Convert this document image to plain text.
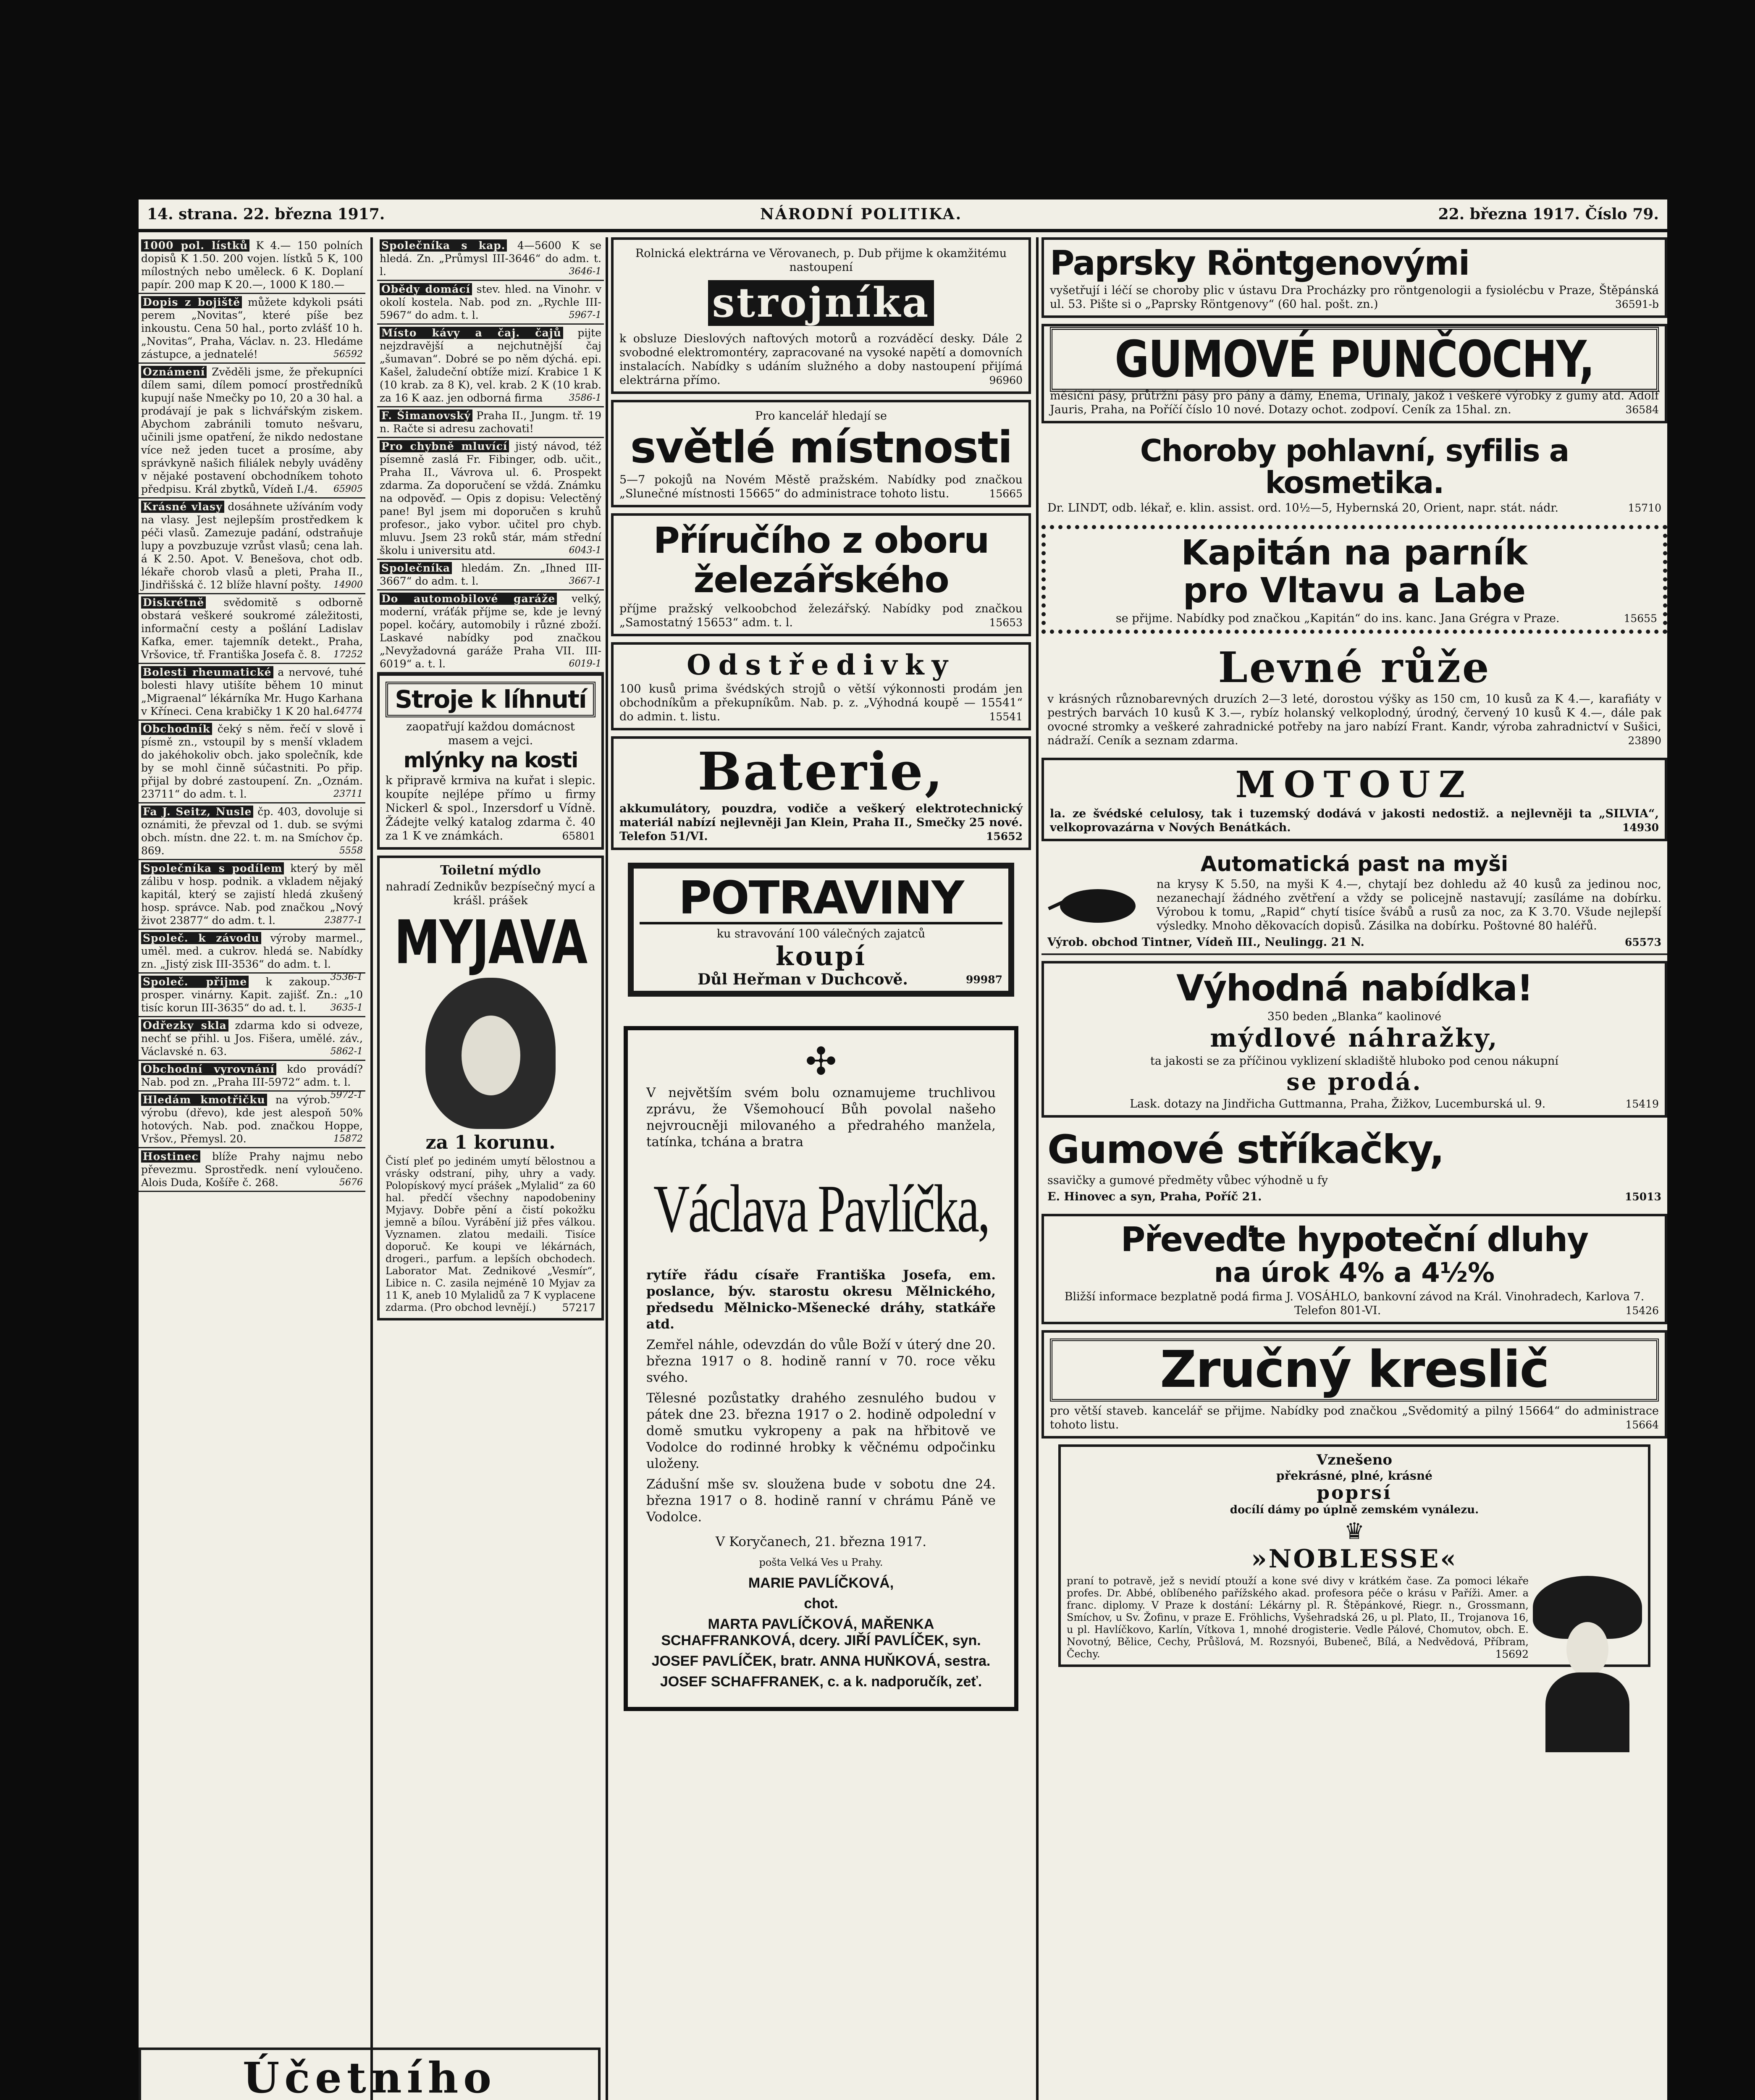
14. strana. 22. března 1917.	NÁRODNÍ POLITIKA.	22. března 1917. Číslo 79.

1000 pol. lístků K 4.— 150 polních dopisů K 1.50. 200 vojen. lístků 5 K, 100 mílostných nebo uměleck. 6 K. Doplaní papír. 200 map K 20.—, 1000 K 180.—

Dopis z bojiště můžete kdykoli psáti perem „Novitas“, které píše bez inkoustu. Cena 50 hal., porto zvlášť 10 h. „Novitas“, Praha, Václav. n. 23. Hledáme zástupce, a jednatelé!	56592

Oznámení Zvěděli jsme, že překupníci dílem sami, dílem pomocí prostředníků kupují naše Nmečky po 10, 20 a 30 hal. a prodávají je pak s lichvářským ziskem. Abychom zabránili tomuto nešvaru, učinili jsme opatření, že nikdo nedostane více než jeden tucet a prosíme, aby správkyně našich filiálek nebyly uváděny v nějaké postavení obchodníkem tohoto předpisu. Král zbytků, Vídeň I./4. 65905

Krásné vlasy dosáhnete užíváním vody na vlasy. Jest nejlepším prostředkem k péči vlasů. Zamezuje padání, odstraňuje lupy a povzbuzuje vzrůst vlasů; cena lah. á K 2.50. Apot. V. Benešova, chot odb. lékaře chorob vlasů a pleti, Praha II., Jindřišská č. 12 blíže hlavní pošty. 14900

Diskrétně svědomitě s odborně obstará veškeré soukromé záležitosti, informační cesty a pošlání Ladislav Kafka, emer. tajemník detekt., Praha, Vršovice, tř. Františka Josefa č. 8. 17252

Bolesti rheumatické a nervové, tuhé bolesti hlavy utišíte během 10 minut „Migraenal“ lékárníka Mr. Hugo Karhana v Kříneci. Cena krabičky 1 K 20 hal. 64774

Obchodník čeký s něm. řečí v slově i písmě zn., vstoupil by s menší vkladem do jakéhokoliv obch. jako společník, kde by se mohl činně súčastniti. Po přip. přijal by dobré zastoupení. Zn. „Oznám. 23711“ do adm. t. l.	23711

Fa J. Seitz, Nusle čp. 403, dovoluje si oznámiti, že převzal od 1. dub. se svými obch. místn. dne 22. t. m. na Smíchov čp. 869.	5558

Společníka s podílem který by měl zálibu v hosp. podnik. a vkladem nějaký kapitál, který se zajistí hledá zkušený hosp. správce. Nab. pod značkou „Nový život 23877“ do adm. t. l.	23877-1

Společ. k závodu výroby marmel., uměl. med. a cukrov. hledá se. Nabídky zn. „Jistý zisk III-3536“ do adm. t. l.
3536-1

Společ. přijme k zakoup. prosper. vinárny. Kapit. zajišť. Zn.: „10 tisíc korun III-3635“ do ad. t. l.	3635-1

Odřezky skla zdarma kdo si odveze, nechť se přihl. u Jos. Fišera, umělé. záv., Václavské n. 63.	5862-1

Obchodní vyrovnání kdo provádí? Nab. pod zn. „Praha III-5972“ adm. t. l.
5972-1

Hledám kmotřičku na výrob. výrobu (dřevo), kde jest alespoň 50% hotových. Nab. pod. značkou Hoppe, Vršov., Přemysl. 20.	15872

Hostinec blíže Prahy najmu nebo převezmu. Sprostředk. není vyloučeno. Alois Duda, Košíře č. 268.	5676

Společníka s kap. 4—5600 K se hledá. Zn. „Průmysl III-3646“ do adm. t. l.	3646-1

Obědy domácí stev. hled. na Vinohr. v okolí kostela. Nab. pod zn. „Rychle III-5967“ do adm. t. l.	5967-1

Místo kávy a čaj. čajů pijte nejzdravější a nejchutnější čaj „šumavan“. Dobré se po něm dýchá. epi. Kašel, žaludeční obtíže mizí. Krabice 1 K (10 krab. za 8 K), vel. krab. 2 K (10 krab. za 16 K aaz. jen odborná firma	3586-1

F. Šimanovský Praha II., Jungm. tř. 19 n. Račte si adresu zachovati!

Pro chybně mluvící jistý návod, též písemně zaslá Fr. Fibinger, odb. učit., Praha II., Vávrova ul. 6. Prospekt zdarma. Za doporučení se vždá. Známku na odpověď. — Opis z dopisu: Velectěný pane! Byl jsem mi doporučen s kruhů profesor., jako vybor. učitel pro chyb. mluvu. Jsem 23 roků stár, mám střední školu i universitu atd.	6043-1

Společníka hledám. Zn. „Ihned III-3667“ do adm. t. l.	3667-1

Do automobilové garáže velký, moderní, vráťák příjme se, kde je levný popel. kočáry, automobily i různé zboží. Laskavé nabídky pod značkou „Nevyžadovná garáže Praha VII. III-6019“ a. t. l.	6019-1

Stroje k líhnutí

zaopatřují každou domácnost masem a vejci.

mlýnky na kosti

k připravě krmiva na kuřat i slepic. koupíte nejlépe přímo u firmy Nickerl & spol., Inzersdorf u Vídně. Žádejte velký katalog zdarma č. 40 za 1 K ve známkách.	65801

Toiletní mýdlo

nahradí Zednikův bezpísečný mycí a krášl. prášek

MYJAVA
za 1 korunu.

Čistí pleť po jediném umytí bělostnou a vrásky odstraní, pihy, uhry a vady. Polopískový mycí prášek „Mylalid“ za 60 hal. předčí všechny napodobeniny Myjavy. Dobře pění a čistí pokožku jemně a bílou. Vyrábění již přes válkou. Vyznamen. zlatou medaili. Tisíce doporuč. Ke koupi ve lékárnách, drogeri., parfum. a lepších obchodech. Laborator Mat. Zednikové „Vesmír“, Libice n. C. zasila nejméně 10 Myjav za 11 K, aneb 10 Mylalidů za 7 K vyplacene zdarma. (Pro obchod levnějí.) 57217

Rolnická elektrárna ve Věrovanech, p. Dub přijme k okamžitému nastoupení

strojníka

k obsluze Dieslových naftových motorů a rozváděcí desky. Dále 2 svobodné elektromontéry, zapracované na vysoké napětí a domovních instalacích. Nabídky s udáním služného a doby nastoupení přijímá elektrárna přímo.	96960

Pro kancelář hledají se

světlé místnosti

5—7 pokojů na Novém Městě pražském. Nabídky pod značkou „Slunečné místnosti 15665“ do administrace tohoto listu.	15665

Příručího z oboru
železářského

příjme pražský velkoobchod železářský. Nabídky pod značkou „Samostatný 15653“ adm. t. l.	15653

Odstředivky

100 kusů prima švédských strojů o větší výkonnosti prodám jen obchodníkům a překupníkům. Nab. p. z. „Výhodná koupě — 15541“ do admin. t. listu.	15541

Baterie,

akkumulátory, pouzdra, vodiče a veškerý elektrotechnický materiál nabízí nejlevněji Jan Klein, Praha II., Smečky 25 nové. Telefon 51/VI.	15652

POTRAVINY

ku stravování 100 válečných zajatců

koupí

Důl Heřman v Duchcově.	99987

✣

V největším svém bolu oznamujeme truchlivou zprávu, že Všemohoucí Bůh povolal našeho nejvroucněji milovaného a předrahého manžela, tatínka, tchána a bratra

Václava Pavlíčka,

rytíře řádu císaře Františka Josefa, em. poslance, býv. starostu okresu Mělnického, předsedu Mělnicko-Mšenecké dráhy, statkáře atd.

Zemřel náhle, odevzdán do vůle Boží v úterý dne 20. března 1917 o 8. hodině ranní v 70. roce věku svého.

Tělesné pozůstatky drahého zesnulého budou v pátek dne 23. března 1917 o 2. hodině odpolední v domě smutku vykropeny a pak na hřbitově ve Vodolce do rodinné hrobky k věčnému odpočinku uloženy.

Zádušní mše sv. sloužena bude v sobotu dne 24. března 1917 o 8. hodině ranní v chrámu Páně ve Vodolce.

V Koryčanech, 21. března 1917.

pošta Velká Ves u Prahy.

MARIE PAVLÍČKOVÁ,
chot.
MARTA PAVLÍČKOVÁ, MAŘENKA SCHAFFRANKOVÁ, dcery. JIŘÍ PAVLÍČEK, syn.
JOSEF PAVLÍČEK, bratr. ANNA HUŇKOVÁ, sestra.
JOSEF SCHAFFRANEK, c. a k. nadporučík, zeť.
Účetního

Paprsky Röntgenovými

vyšetřují i léčí se choroby plic v ústavu Dra Procházky pro röntgenologii a fysiolécbu v Praze, Štěpánská ul. 53. Pište si o „Paprsky Röntgenovy“ (60 hal. pošt. zn.)	36591-b

GUMOVÉ PUNČOCHY,

měsíční pásy, průtržní pásy pro pány a dámy, Enema, Urinaly, jakož i veškeré výrobky z gumy atd. Adolf Jauris, Praha, na Poříčí číslo 10 nové. Dotazy ochot. zodpoví. Ceník za 15hal. zn.	36584

Choroby pohlavní, syfilis a kosmetika.

Dr. LINDT, odb. lékař, e. klin. assist. ord. 10½—5, Hybernská 20, Orient, napr. stát. nádr.	15710

Kapitán na parník
pro Vltavu a Labe

se přijme. Nabídky pod značkou „Kapitán“ do ins. kanc. Jana Grégra v Praze.	15655

Levné růže

v krásných různobarevných druzích 2—3 leté, dorostou výšky as 150 cm, 10 kusů za K 4.—, karafiáty v pestrých barvách 10 kusů K 3.—, rybíz holanský velkoplodný, úrodný, červený 10 kusů K 4.—, dále pak ovocné stromky a veškeré zahradnické potřeby na jaro nabízí Frant. Kandr, výroba zahradnictví v Sušici, nádraží. Ceník a seznam zdarma.	23890

MOTOUZ

la. ze švédské celulosy, tak i tuzemský dodává v jakosti nedostiž. a nejlevněji ta „SILVIA“, velkoprovazárna v Nových Benátkách.	14930

Automatická past na myši

na krysy K 5.50, na myši K 4.—, chytají bez dohledu až 40 kusů za jedinou noc, nezanechají žádného zvětření a vždy se policejně nastavují; zasíláme na dobírku. Výrobou k tomu, „Rapid“ chytí tisíce švábů a rusů za noc, za K 3.70. Všude nejlepší výsledky. Mnoho děkovacích dopisů. Zásilka na dobírku. Poštovné 80 haléřů.

Výrob. obchod Tintner, Vídeň III., Neulingg. 21 N.	65573

Výhodná nabídka!

350 beden „Blanka“ kaolinové

mýdlové náhražky,

ta jakosti se za příčinou vyklizení skladiště hluboko pod cenou nákupní

se prodá.

Lask. dotazy na Jindřicha Guttmanna, Praha, Žižkov, Lucemburská ul. 9.	15419

Gumové stříkačky,

ssavičky a gumové předměty vůbec výhodně u fy

E. Hinovec a syn, Praha, Poříč 21.	15013

Převeďte hypoteční dluhy
na úrok 4% a 4½%

Bližší informace bezplatně podá firma J. VOSÁHLO, bankovní závod na Král. Vinohradech, Karlova 7. Telefon 801-VI.	15426

Zručný kreslič

pro větší staveb. kancelář se přijme. Nabídky pod značkou „Svědomitý a pilný 15664“ do administrace tohoto listu.	15664

Vznešeno
překrásné, plné, krásné
poprsí
docílí dámy po úplně zemském vynálezu.
♛
»NOBLESSE«

praní to potravě, jež s nevidí ptouží a kone své divy v krátkém čase. Za pomoci lékaře profes. Dr. Abbé, oblíbeného pařížského akad. profesora péče o krásu v Paříži. Amer. a franc. diplomy. V Praze k dostání: Lékárny pl. R. Štěpánkové, Riegr. n., Grossmann, Smíchov, u Sv. Žofinu, v praze E. Fröhlichs, Vyšehradská 26, u pl. Plato, II., Trojanova 16, u pl. Havlíčkovo, Karlín, Vítkova 1, mnohé drogisterie. Vedle Pálové, Chomutov, obch. E. Novotný, Bělice, Cechy, Průšlová, M. Rozsnyói, Bubeneč, Bílá, a Nedvědová, Příbram, Čechy.	15692
